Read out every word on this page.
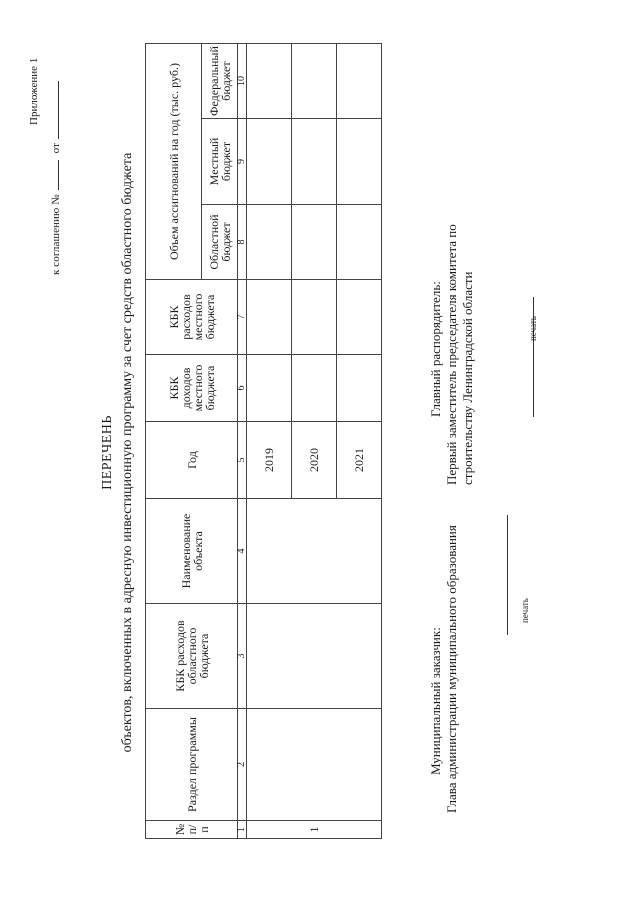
Приложение 1
к соглашению № от
ПЕРЕЧЕНЬ объектов, включенных в адресную инвестиционную программу за счет средств областного бюджета
№ п/п	Раздел программы	КБК расходов областного бюджета	Наименование объекта	Год	КБК доходов местного бюджета	КБК расходов местного бюджета	Объем ассигнований на год (тыс. руб.)		
							Областной бюджет	Местный бюджет	Федеральный бюджет
1	2	3	4	5	6	7	8	9	10
1				2019					
				2020					
				2021					
Муниципальный заказчик: Глава администрации муниципального образования	печать
Главный распорядитель: Первый заместитель председателя комитета по строительству Ленинградской области	печать
